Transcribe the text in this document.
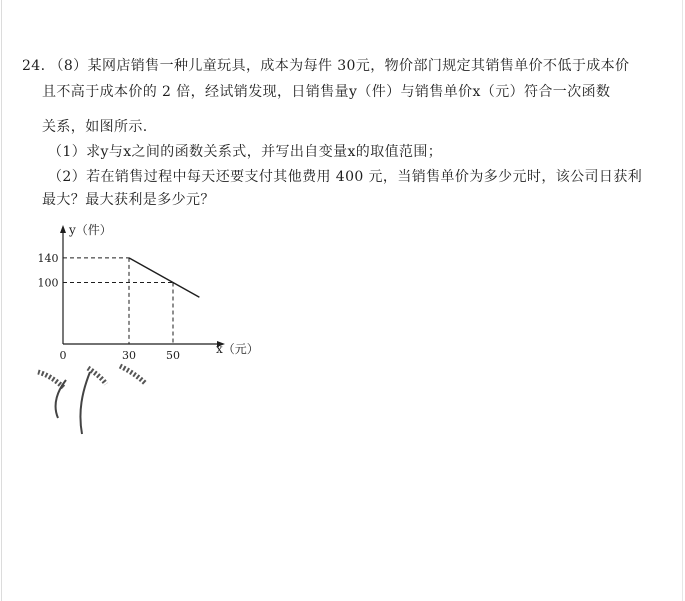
24. （8）某网店销售一种儿童玩具，成本为每件 30元，物价部门规定其销售单价不低于成本价
且不高于成本价的 2 倍，经试销发现，日销售量y（件）与销售单价x（元）符合一次函数
关系，如图所示.
（1）求y与x之间的函数关系式，并写出自变量x的取值范围；
（2）若在销售过程中每天还要支付其他费用 400 元，当销售单价为多少元时，该公司日获利
最大？最大获利是多少元？
y（件）
x（元）
0	30	50
140
100
